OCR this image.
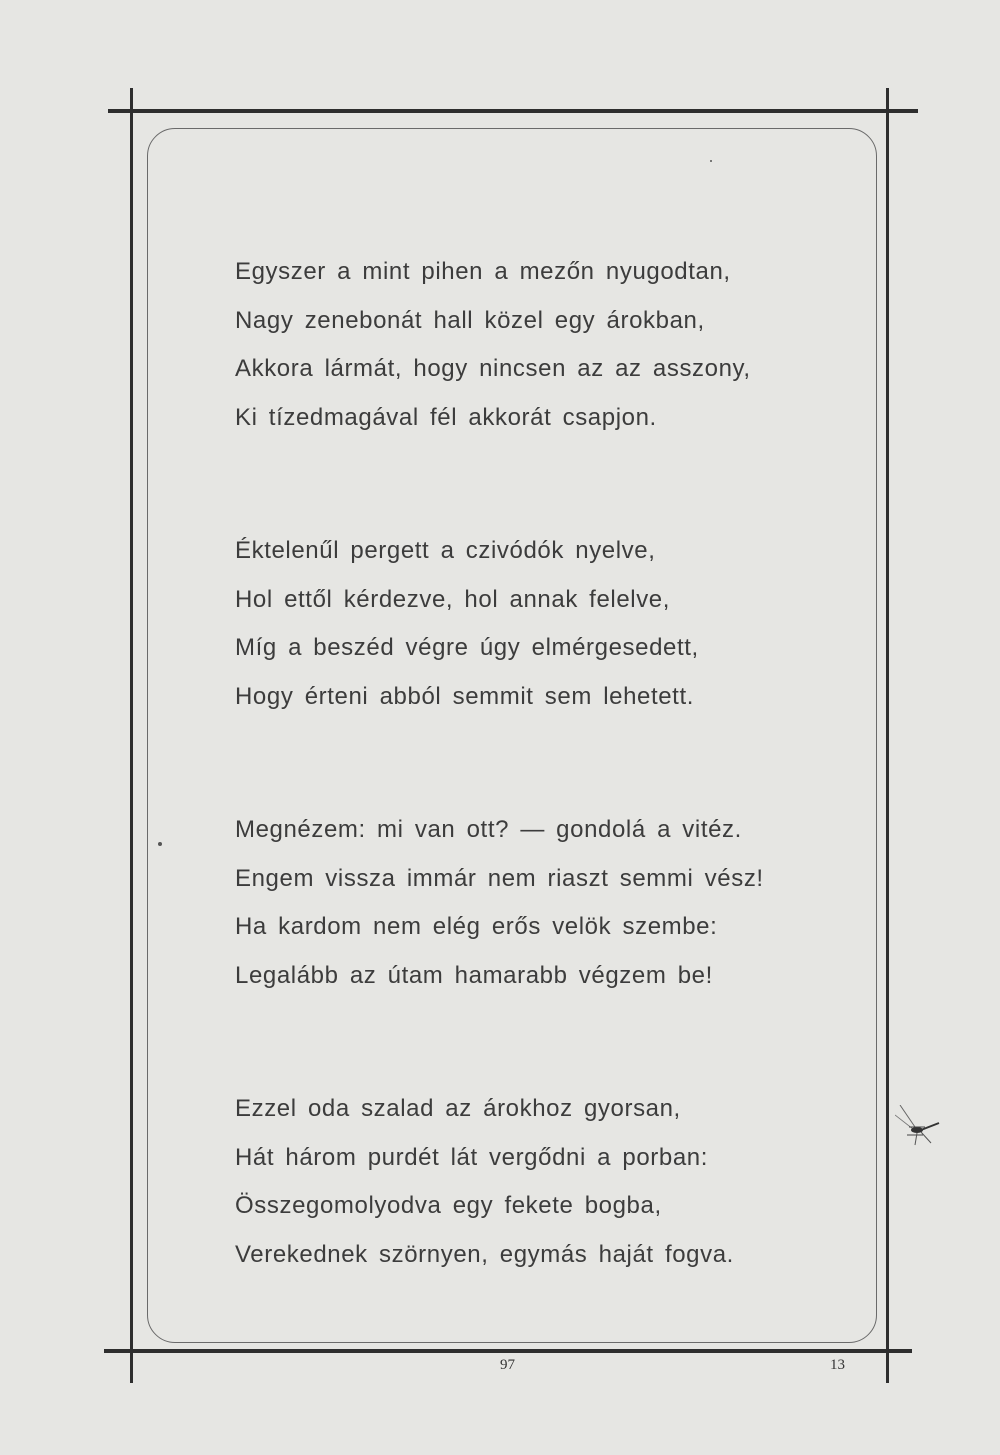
Egyszer a mint pihen a mezőn nyugodtan,
Nagy zenebonát hall közel egy árokban,
Akkora lármát, hogy nincsen az az asszony,
Ki tízedmagával fél akkorát csapjon.
Éktelenűl pergett a czivódók nyelve,
Hol ettől kérdezve, hol annak felelve,
Míg a beszéd végre úgy elmérgesedett,
Hogy érteni abból semmit sem lehetett.
Megnézem: mi van ott? — gondolá a vitéz.
Engem vissza immár nem riaszt semmi vész!
Ha kardom nem elég erős velök szembe:
Legalább az útam hamarabb végzem be!
Ezzel oda szalad az árokhoz gyorsan,
Hát három purdét lát vergődni a porban:
Összegomolyodva egy fekete bogba,
Verekednek szörnyen, egymás haját fogva.
97	13
